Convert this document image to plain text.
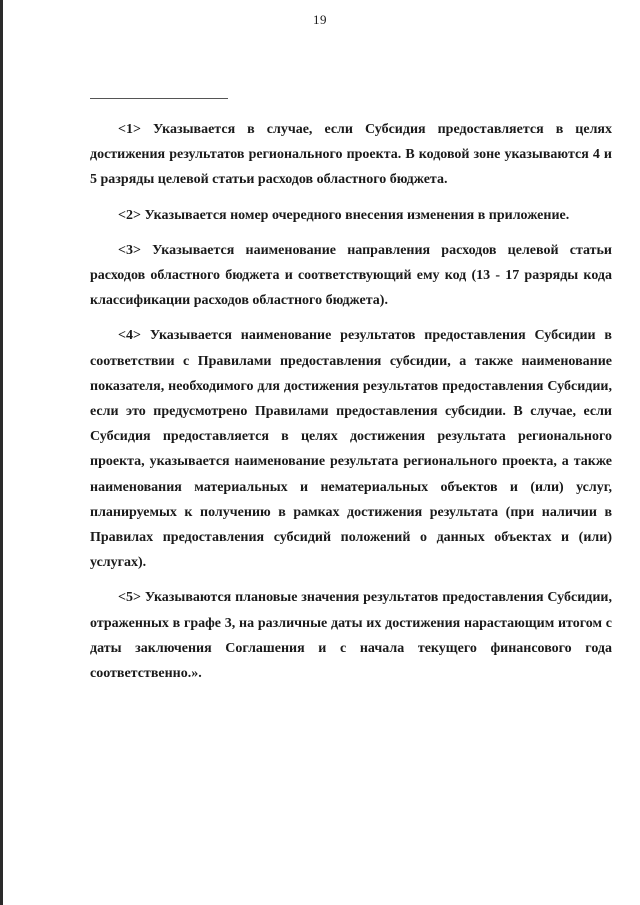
19

<1> Указывается в случае, если Субсидия предоставляется в целях достижения результатов регионального проекта. В кодовой зоне указываются 4 и 5 разряды целевой статьи расходов областного бюджета.

<2> Указывается номер очередного внесения изменения в приложение.

<3> Указывается наименование направления расходов целевой статьи расходов областного бюджета и соответствующий ему код (13 - 17 разряды кода классификации расходов областного бюджета).

<4> Указывается наименование результатов предоставления Субсидии в соответствии с Правилами предоставления субсидии, а также наименование показателя, необходимого для достижения результатов предоставления Субсидии, если это предусмотрено Правилами предоставления субсидии. В случае, если Субсидия предоставляется в целях достижения результата регионального проекта, указывается наименование результата регионального проекта, а также наименования материальных и нематериальных объектов и (или) услуг, планируемых к получению в рамках достижения результата (при наличии в Правилах предоставления субсидий положений о данных объектах и (или) услугах).

<5> Указываются плановые значения результатов предоставления Субсидии, отраженных в графе 3, на различные даты их достижения нарастающим итогом с даты заключения Соглашения и с начала текущего финансового года соответственно.».
